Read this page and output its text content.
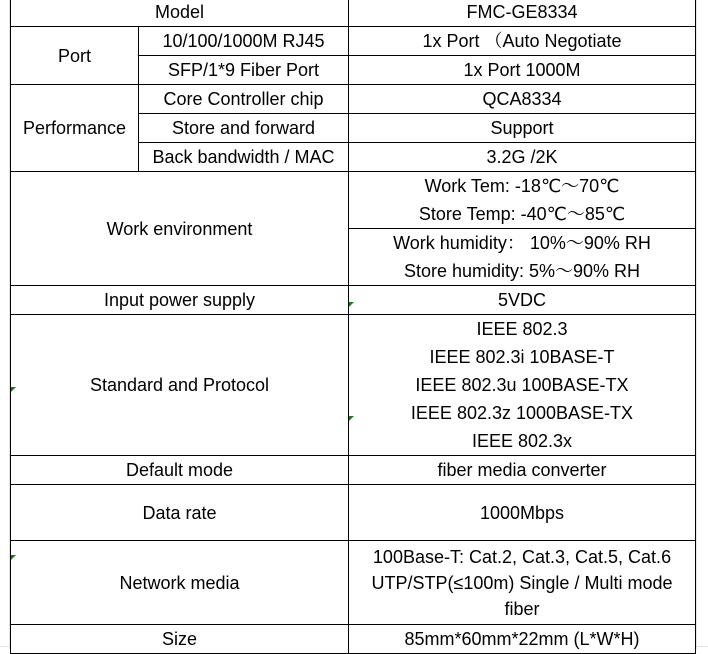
Model		FMC-GE8334
Port	10/100/1000M RJ45	1x Port （Auto Negotiate
	SFP/1*9 Fiber Port	1x Port 1000M
Performance	Core Controller chip	QCA8334
	Store and forward	Support
	Back bandwidth / MAC	3.2G /2K
Work environment		Work Tem: -18℃～70℃
Store Temp: -40℃～85℃

		Work humidity： 10%～90% RH
Store humidity: 5%～90% RH

Input power supply		5VDC
Standard and Protocol		IEEE 802.3
IEEE 802.3i 10BASE-T
IEEE 802.3u 100BASE-TX
IEEE 802.3z 1000BASE-TX
IEEE 802.3x

Default mode		fiber media converter
Data rate		1000Mbps
Network media		100Base-T: Cat.2, Cat.3, Cat.5, Cat.6
UTP/STP(≤100m) Single / Multi mode
fiber

Size		85mm*60mm*22mm (L*W*H)
